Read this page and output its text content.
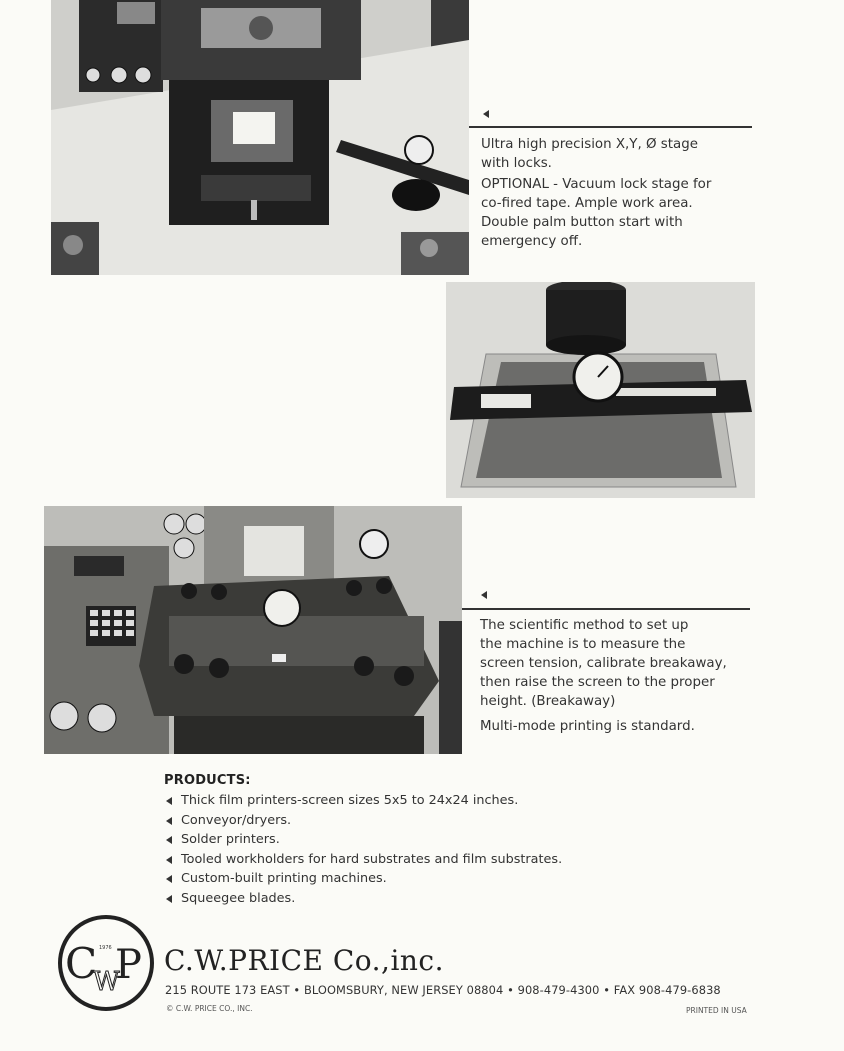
Ultra high precision X,Y, Ø stage
with locks.

OPTIONAL - Vacuum lock stage for
co-fired tape. Ample work area.
Double palm button start with
emergency off.

The scientific method to set up
the machine is to measure the
screen tension, calibrate breakaway,
then raise the screen to the proper
height. (Breakaway)

Multi-mode printing is standard.

PRODUCTS:
Thick film printers-screen sizes 5x5 to 24x24 inches.
Conveyor/dryers.
Solder printers.
Tooled workholders for hard substrates and film substrates.
Custom-built printing machines.
Squeegee blades.
1976
C
W
P C.W.PRICE Co.,inc.
215 ROUTE 173 EAST • BLOOMSBURY, NEW JERSEY 08804 • 908-479-4300 • FAX 908-479-6838
© C.W. PRICE CO., INC.	PRINTED IN USA
